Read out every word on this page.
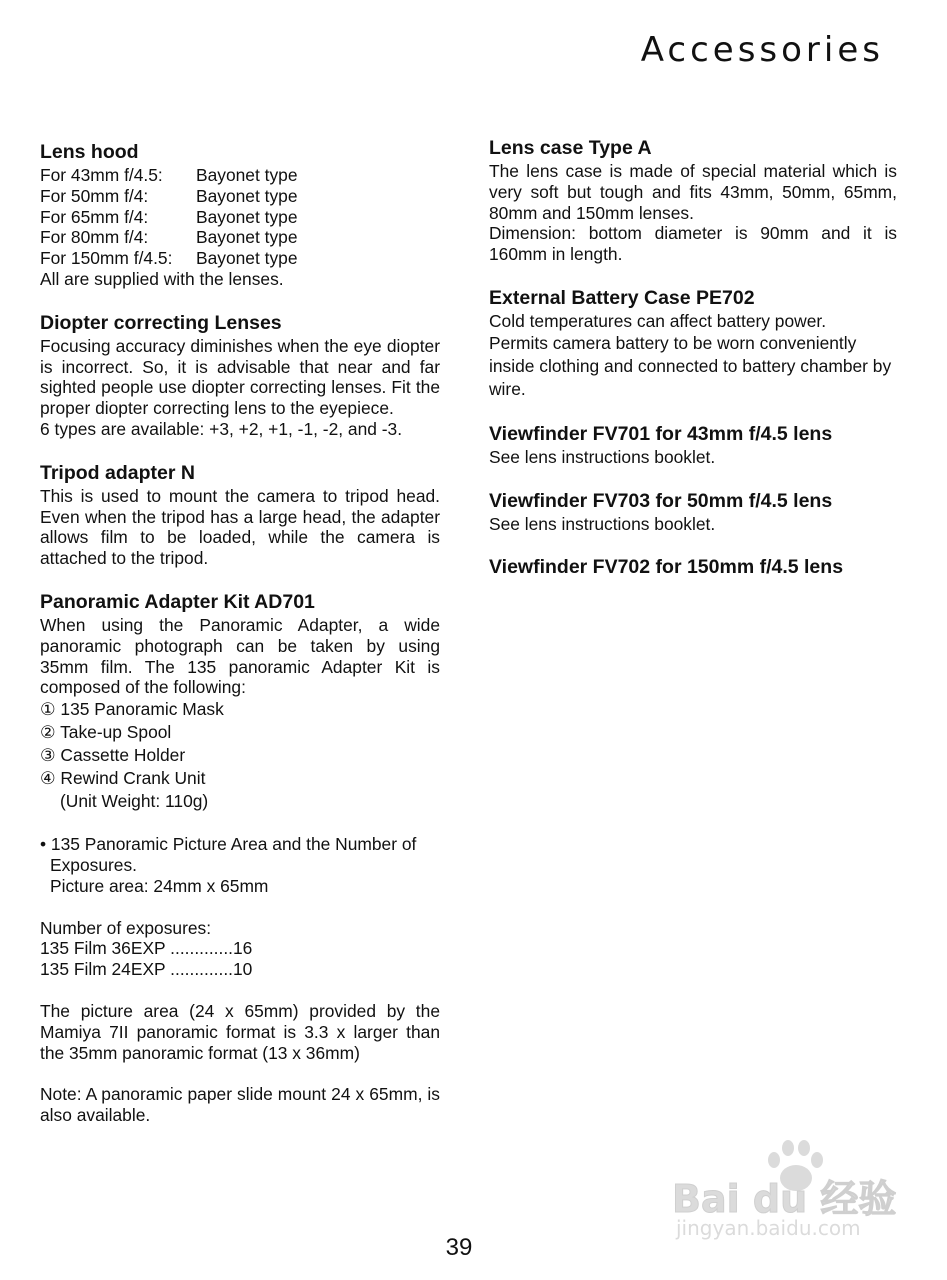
Accessories
Lens hood
For 43mm f/4.5:	Bayonet type
For 50mm f/4:	Bayonet type
For 65mm f/4:	Bayonet type
For 80mm f/4:	Bayonet type
For 150mm f/4.5:	Bayonet type

All are supplied with the lenses.

Diopter correcting Lenses

Focusing accuracy diminishes when the eye diopter is incorrect. So, it is advisable that near and far sighted people use diopter correcting lenses. Fit the proper diopter correcting lens to the eyepiece.

6 types are available: +3, +2, +1, -1, -2, and -3.

Tripod adapter N

This is used to mount the camera to tripod head. Even when the tripod has a large head, the adapter allows film to be loaded, while the camera is attached to the tripod.

Panoramic Adapter Kit AD701

When using the Panoramic Adapter, a wide panoramic photograph can be taken by using 35mm film. The 135 panoramic Adapter Kit is composed of the following:

① 135 Panoramic Mask

② Take-up Spool

③ Cassette Holder

④ Rewind Crank Unit

(Unit Weight: 110g)

• 135 Panoramic Picture Area and the Number of Exposures.

Picture area: 24mm x 65mm

Number of exposures:

135 Film 36EXP ............. 16
135 Film 24EXP ............. 10

The picture area (24 x 65mm) provided by the Mamiya 7II panoramic format is 3.3 x larger than the 35mm panoramic format (13 x 36mm)

Note: A panoramic paper slide mount 24 x 65mm, is also available.

Lens case Type A

The lens case is made of special material which is very soft but tough and fits 43mm, 50mm, 65mm, 80mm and 150mm lenses.

Dimension: bottom diameter is 90mm and it is 160mm in length.

External Battery Case PE702

Cold temperatures can affect battery power.

Permits camera battery to be worn conveniently inside clothing and connected to battery chamber by wire.

Viewfinder FV701 for 43mm f/4.5 lens

See lens instructions booklet.

Viewfinder FV703 for 50mm f/4.5 lens

See lens instructions booklet.

Viewfinder FV702 for 150mm f/4.5 lens
Bai du 经验
jingyan.baidu.com
39
